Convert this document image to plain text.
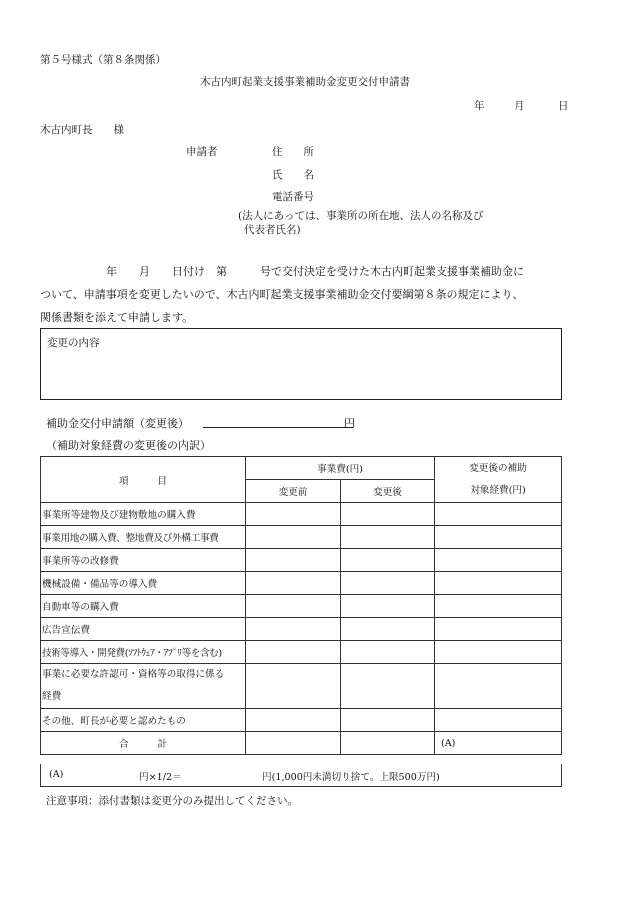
第５号様式（第８条関係）
木古内町起業支援事業補助金変更交付申請書
年	月	日
木古内町長　　様
申請者	住　　所
氏　　名
電話番号
(法人にあっては、事業所の所在地、法人の名称及び
代表者氏名)
年　　月　　日付け　第　　　号で交付決定を受けた木古内町起業支援事業補助金に
ついて、申請事項を変更したいので、木古内町起業支援事業補助金交付要綱第８条の規定により、
関係書類を添えて申請します。
変更の内容
補助金交付申請額（変更後）	円
（補助対象経費の変更後の内訳）
項　　　目	事業費(円)		変更後の補助
対象経費(円)

	変更前	変更後	
事業所等建物及び建物敷地の購入費			
事業用地の購入費、整地費及び外構工事費			
事業所等の改修費			
機械設備・備品等の導入費			
自動車等の購入費			
広告宣伝費			
技術等導入・開発費(ｿﾌﾄｳｪｱ・ｱﾌﾟﾘ等を含む)			

事業に必要な許認可・資格等の取得に係る
経費			

その他、町長が必要と認めたもの			
合　　　計			(A)
(A)	円×1/2＝	円(1,000円未満切り捨て。上限500万円)
注意事項：添付書類は変更分のみ提出してください。
